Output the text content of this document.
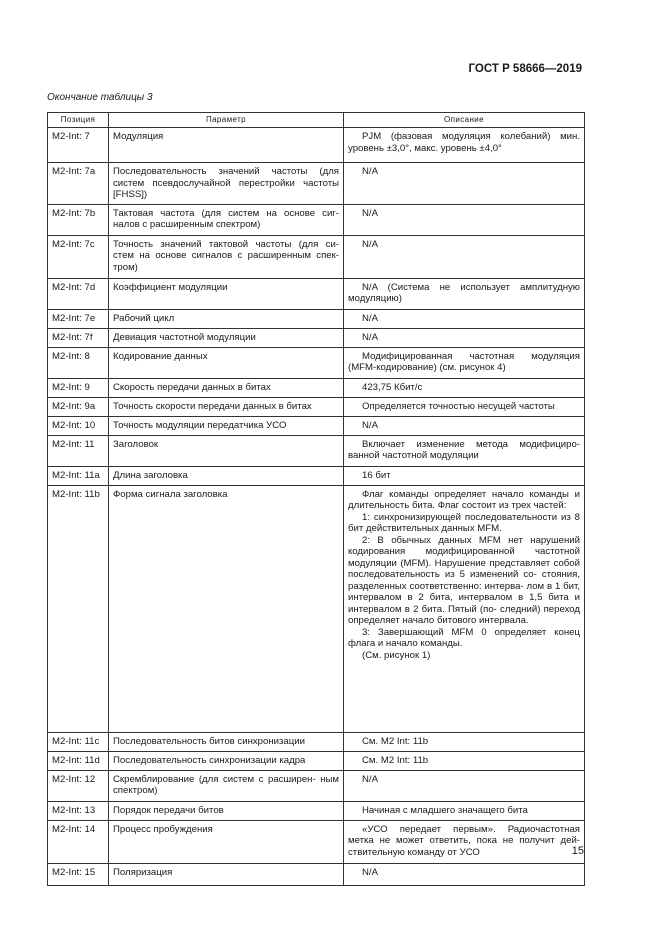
ГОСТ Р 58666—2019
Окончание таблицы 3
Позиция	Параметр	Описание
M2-Int: 7	Модуляция	PJM (фазовая модуляция колебаний) мин. уровень ±3,0°, макс. уровень ±4,0°

M2-Int: 7a	Последовательность значений частоты (для систем псевдослучайной перестройки частоты [FHSS])	N/A

M2-Int: 7b	Тактовая частота (для систем на основе сиг- налов с расширенным спектром)	N/A

M2-Int: 7c	Точность значений тактовой частоты (для си- стем на основе сигналов с расширенным спек- тром)	N/A

M2-Int: 7d	Коэффициент модуляции	N/A (Система не использует амплитудную модуляцию)

M2-Int: 7e	Рабочий цикл	N/A

M2-Int: 7f	Девиация частотной модуляции	N/A

M2-Int: 8	Кодирование данных	Модифицированная частотная модуляция (MFM-кодирование) (см. рисунок 4)

M2-Int: 9	Скорость передачи данных в битах	423,75 Кбит/с

M2-Int: 9a	Точность скорости передачи данных в битах	Определяется точностью несущей частоты

M2-Int: 10	Точность модуляции передатчика УСО	N/A

M2-Int: 11	Заголовок	Включает изменение метода модифициро- ванной частотной модуляции

M2-Int: 11a	Длина заголовка	16 бит

M2-Int: 11b	Форма сигнала заголовка	Флаг команды определяет начало команды и длительность бита. Флаг состоит из трех частей:
1: синхронизирующей последовательности из 8 бит действительных данных MFM.
2: В обычных данных MFM нет нарушений кодирования модифицированной частотной модуляции (MFM). Нарушение представляет собой последовательность из 5 изменений со- стояния, разделенных соответственно: интерва- лом в 1 бит, интервалом в 2 бита, интервалом в 1,5 бита и интервалом в 2 бита. Пятый (по- следний) переход определяет начало битового интервала.
3: Завершающий MFM 0 определяет конец флага и начало команды.
(См. рисунок 1)

M2-Int: 11c	Последовательность битов синхронизации	См. M2 Int: 11b

M2-Int: 11d	Последовательность синхронизации кадра	См. M2 Int: 11b

M2-Int: 12	Скремблирование (для систем с расширен- ным спектром)	N/A

M2-Int: 13	Порядок передачи битов	Начиная с младшего значащего бита

M2-Int: 14	Процесс пробуждения	«УСО передает первым». Радиочастотная метка не может ответить, пока не получит дей- ствительную команду от УСО

M2-Int: 15	Поляризация	N/A
15
